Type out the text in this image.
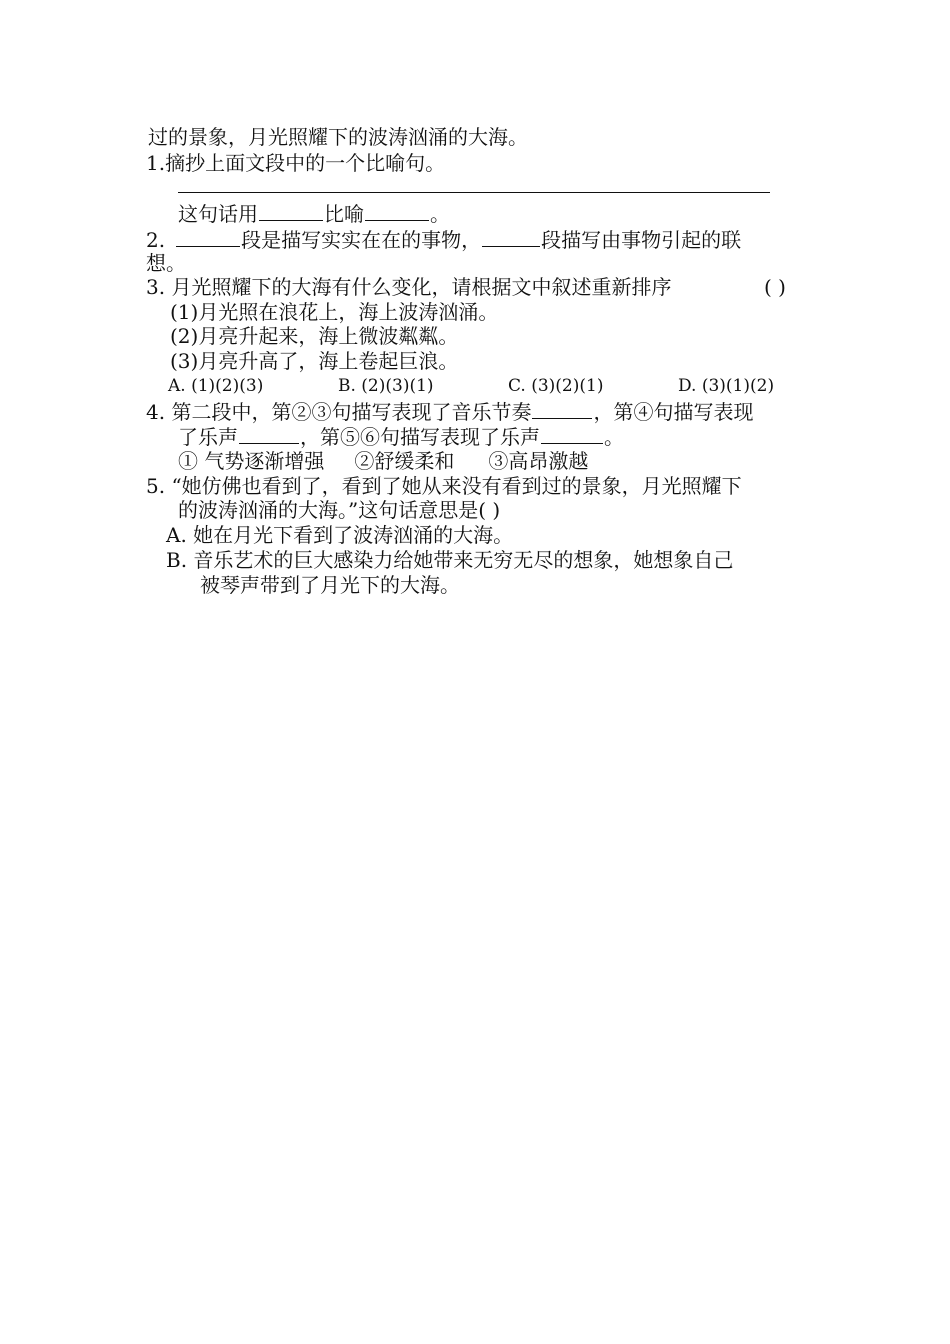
过的景象，月光照耀下的波涛汹涌的大海。
1.摘抄上面文段中的一个比喻句。
这句话用	比喻	。
2.	段是描写实实在在的事物，	段描写由事物引起的联
想。
3. 月光照耀下的大海有什么变化，请根据文中叙述重新排序	( )
(1)月光照在浪花上，海上波涛汹涌。
(2)月亮升起来，海上微波粼粼。
(3)月亮升高了，海上卷起巨浪。
A. (1)(2)(3)	B. (2)(3)(1)	C. (3)(2)(1)	D. (3)(1)(2)
4. 第二段中，第②③句描写表现了音乐节奏	，第④句描写表现
了乐声	，第⑤⑥句描写表现了乐声	。
① 气势逐渐增强 ②舒缓柔和 ③高昂激越
5. “她仿佛也看到了，看到了她从来没有看到过的景象，月光照耀下
的波涛汹涌的大海。”这句话意思是( )
A. 她在月光下看到了波涛汹涌的大海。
B. 音乐艺术的巨大感染力给她带来无穷无尽的想象，她想象自己
被琴声带到了月光下的大海。
